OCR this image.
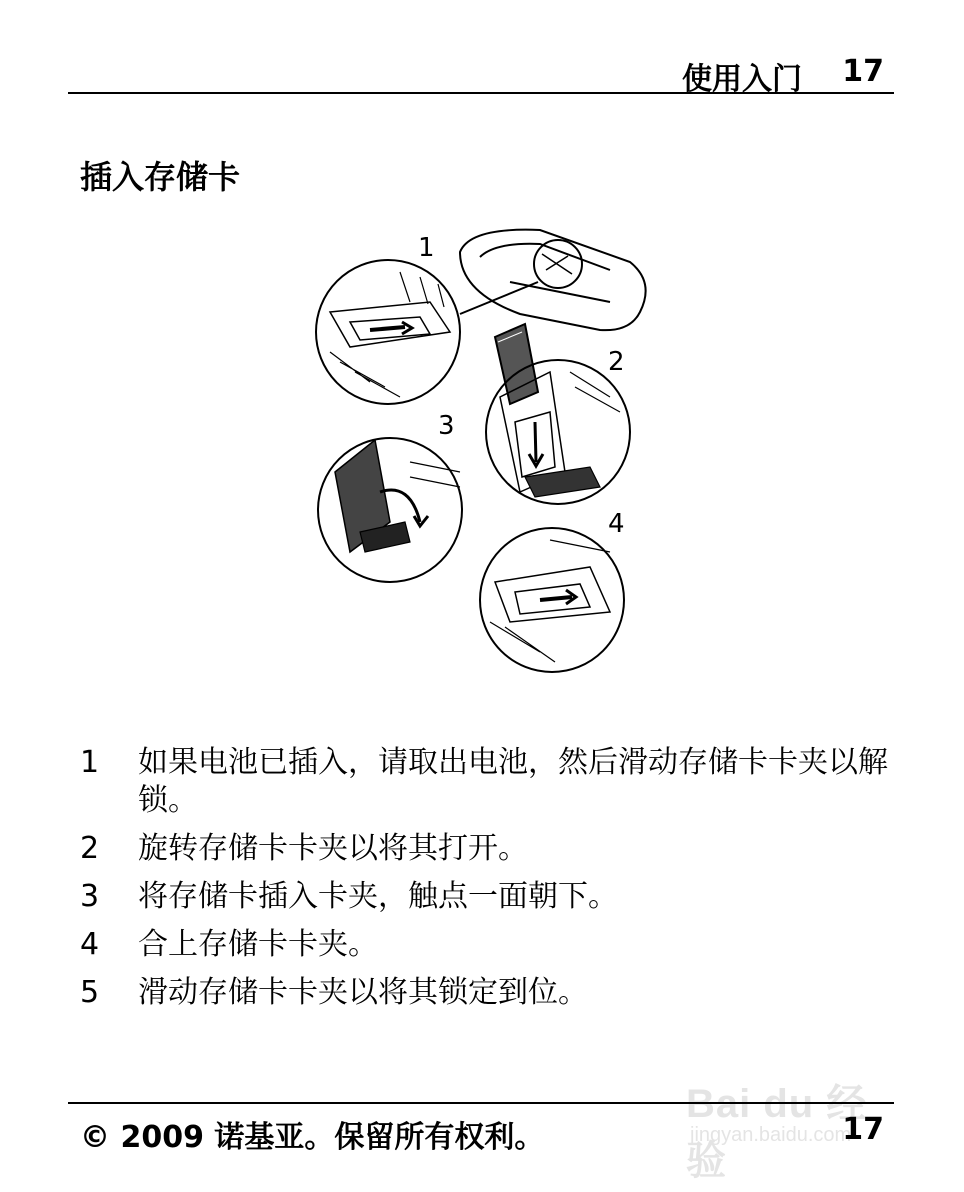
使用入门 17
插入存储卡
1
2
3
4
1	如果电池已插入，请取出电池，然后滑动存储卡卡夹以解锁。
2	旋转存储卡卡夹以将其打开。
3	将存储卡插入卡夹，触点一面朝下。
4	合上存储卡卡夹。
5	滑动存储卡卡夹以将其锁定到位。
Bai du 经验
jingyan.baidu.com
© 2009 诺基亚。保留所有权利。	17
